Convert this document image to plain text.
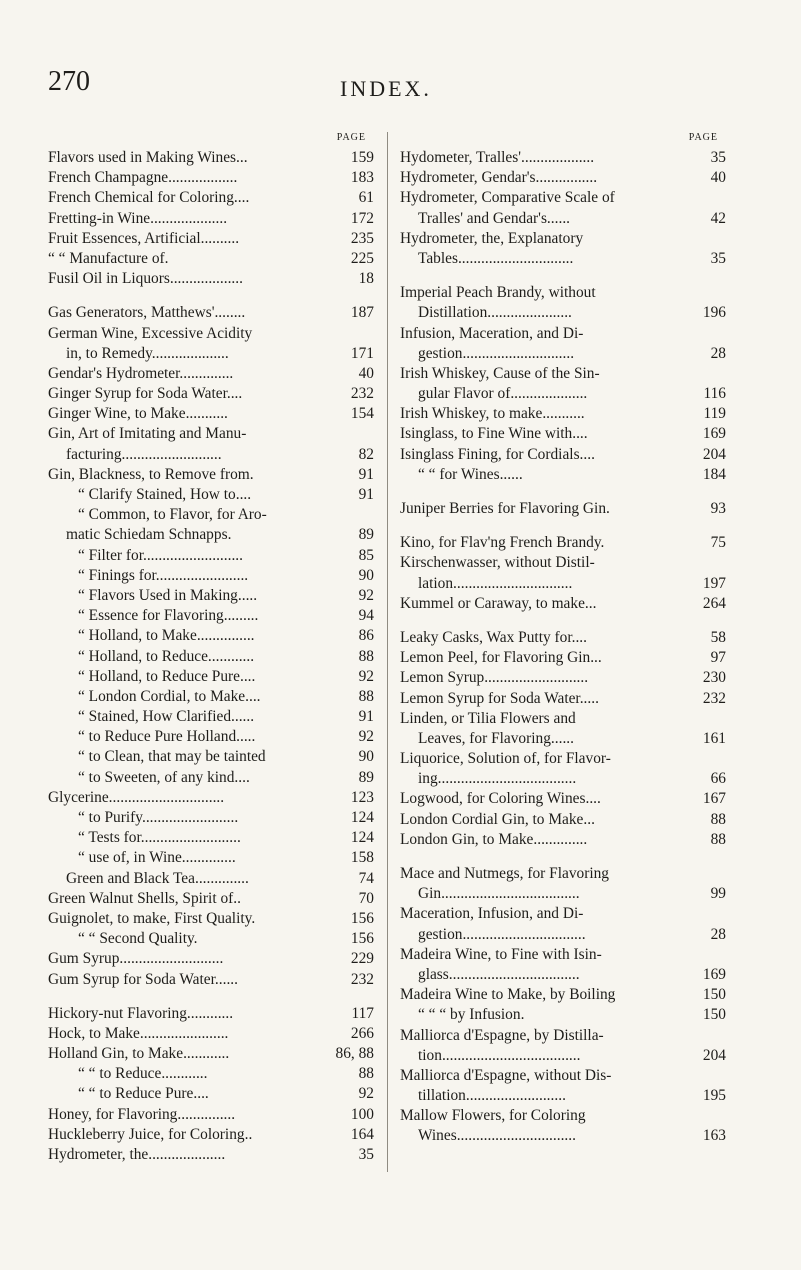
270	INDEX.
PAGE
Flavors used in Making Wines...	159
French Champagne..................	183
French Chemical for Coloring....	61
Fretting-in Wine....................	172
Fruit Essences, Artificial..........	235
“ “ Manufacture of.	225
Fusil Oil in Liquors...................	18
Gas Generators, Matthews'........	187
German Wine, Excessive Acidity
in, to Remedy....................	171
Gendar's Hydrometer..............	40
Ginger Syrup for Soda Water....	232
Ginger Wine, to Make...........	154
Gin, Art of Imitating and Manu-
facturing..........................	82
Gin, Blackness, to Remove from.	91
“ Clarify Stained, How to....	91
“ Common, to Flavor, for Aro-
matic Schiedam Schnapps.	89
“ Filter for..........................	85
“ Finings for........................	90
“ Flavors Used in Making.....	92
“ Essence for Flavoring.........	94
“ Holland, to Make...............	86
“ Holland, to Reduce............	88
“ Holland, to Reduce Pure....	92
“ London Cordial, to Make....	88
“ Stained, How Clarified......	91
“ to Reduce Pure Holland.....	92
“ to Clean, that may be tainted	90
“ to Sweeten, of any kind....	89
Glycerine..............................	123
“ to Purify.........................	124
“ Tests for..........................	124
“ use of, in Wine..............	158
Green and Black Tea..............	74
Green Walnut Shells, Spirit of..	70
Guignolet, to make, First Quality.	156
“ “ Second Quality.	156
Gum Syrup...........................	229
Gum Syrup for Soda Water......	232
Hickory-nut Flavoring............	117
Hock, to Make.......................	266
Holland Gin, to Make............	86, 88
“ “ to Reduce............	88
“ “ to Reduce Pure....	92
Honey, for Flavoring...............	100
Huckleberry Juice, for Coloring..	164
Hydrometer, the....................	35
PAGE
Hydometer, Tralles'...................	35
Hydrometer, Gendar's................	40
Hydrometer, Comparative Scale of
Tralles' and Gendar's......	42
Hydrometer, the, Explanatory
Tables..............................	35
Imperial Peach Brandy, without
Distillation......................	196
Infusion, Maceration, and Di-
gestion.............................	28
Irish Whiskey, Cause of the Sin-
gular Flavor of....................	116
Irish Whiskey, to make...........	119
Isinglass, to Fine Wine with....	169
Isinglass Fining, for Cordials....	204
“ “ for Wines......	184
Juniper Berries for Flavoring Gin.	93
Kino, for Flav'ng French Brandy.	75
Kirschenwasser, without Distil-
lation...............................	197
Kummel or Caraway, to make...	264
Leaky Casks, Wax Putty for....	58
Lemon Peel, for Flavoring Gin...	97
Lemon Syrup...........................	230
Lemon Syrup for Soda Water.....	232
Linden, or Tilia Flowers and
Leaves, for Flavoring......	161
Liquorice, Solution of, for Flavor-
ing....................................	66
Logwood, for Coloring Wines....	167
London Cordial Gin, to Make...	88
London Gin, to Make..............	88
Mace and Nutmegs, for Flavoring
Gin....................................	99
Maceration, Infusion, and Di-
gestion................................	28
Madeira Wine, to Fine with Isin-
glass..................................	169
Madeira Wine to Make, by Boiling	150
“ “ “ by Infusion.	150
Malliorca d'Espagne, by Distilla-
tion....................................	204
Malliorca d'Espagne, without Dis-
tillation..........................	195
Mallow Flowers, for Coloring
Wines...............................	163
